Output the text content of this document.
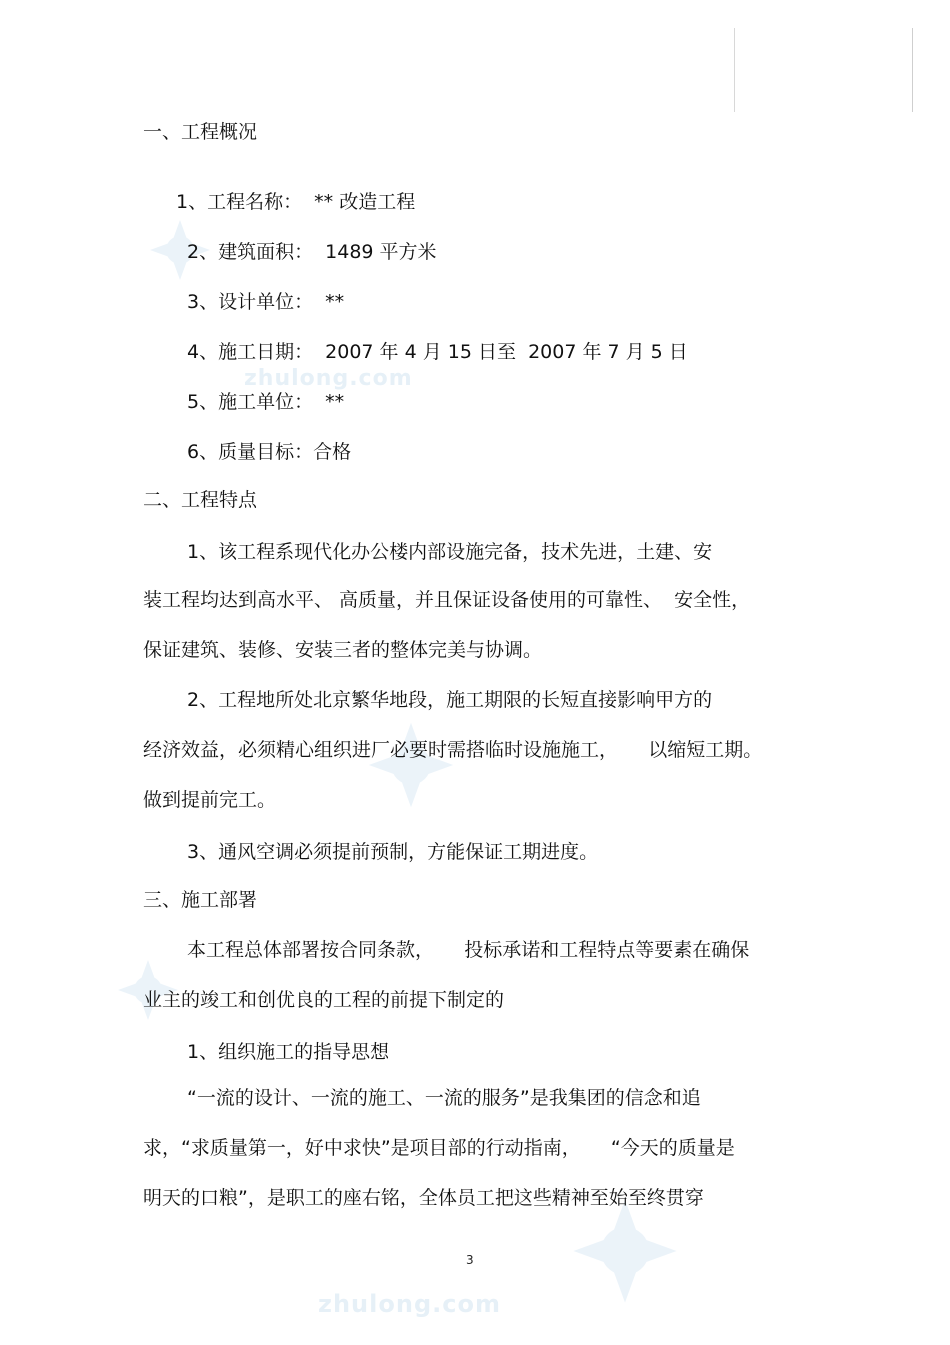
zhulong.com
zhulong.com
一、工程概况
1、工程名称：  ** 改造工程
2、建筑面积：  1489 平方米
3、设计单位：  **
4、施工日期：  2007 年 4 月 15 日至  2007 年 7 月 5 日
5、施工单位：  **
6、质量目标：合格
二、工程特点
1、该工程系现代化办公楼内部设施完备，技术先进，土建、安
装工程均达到高水平、 高质量，并且保证设备使用的可靠性、  安全性，
保证建筑、装修、安装三者的整体完美与协调。
2、工程地所处北京繁华地段，施工期限的长短直接影响甲方的
经济效益，必须精心组织进厂必要时需搭临时设施施工，     以缩短工期。
做到提前完工。
3、通风空调必须提前预制，方能保证工期进度。
三、施工部署
本工程总体部署按合同条款，     投标承诺和工程特点等要素在确保
业主的竣工和创优良的工程的前提下制定的
1、组织施工的指导思想
“一流的设计、一流的施工、一流的服务”是我集团的信念和追
求，“求质量第一，好中求快”是项目部的行动指南，     “今天的质量是
明天的口粮”，是职工的座右铭，全体员工把这些精神至始至终贯穿
3
